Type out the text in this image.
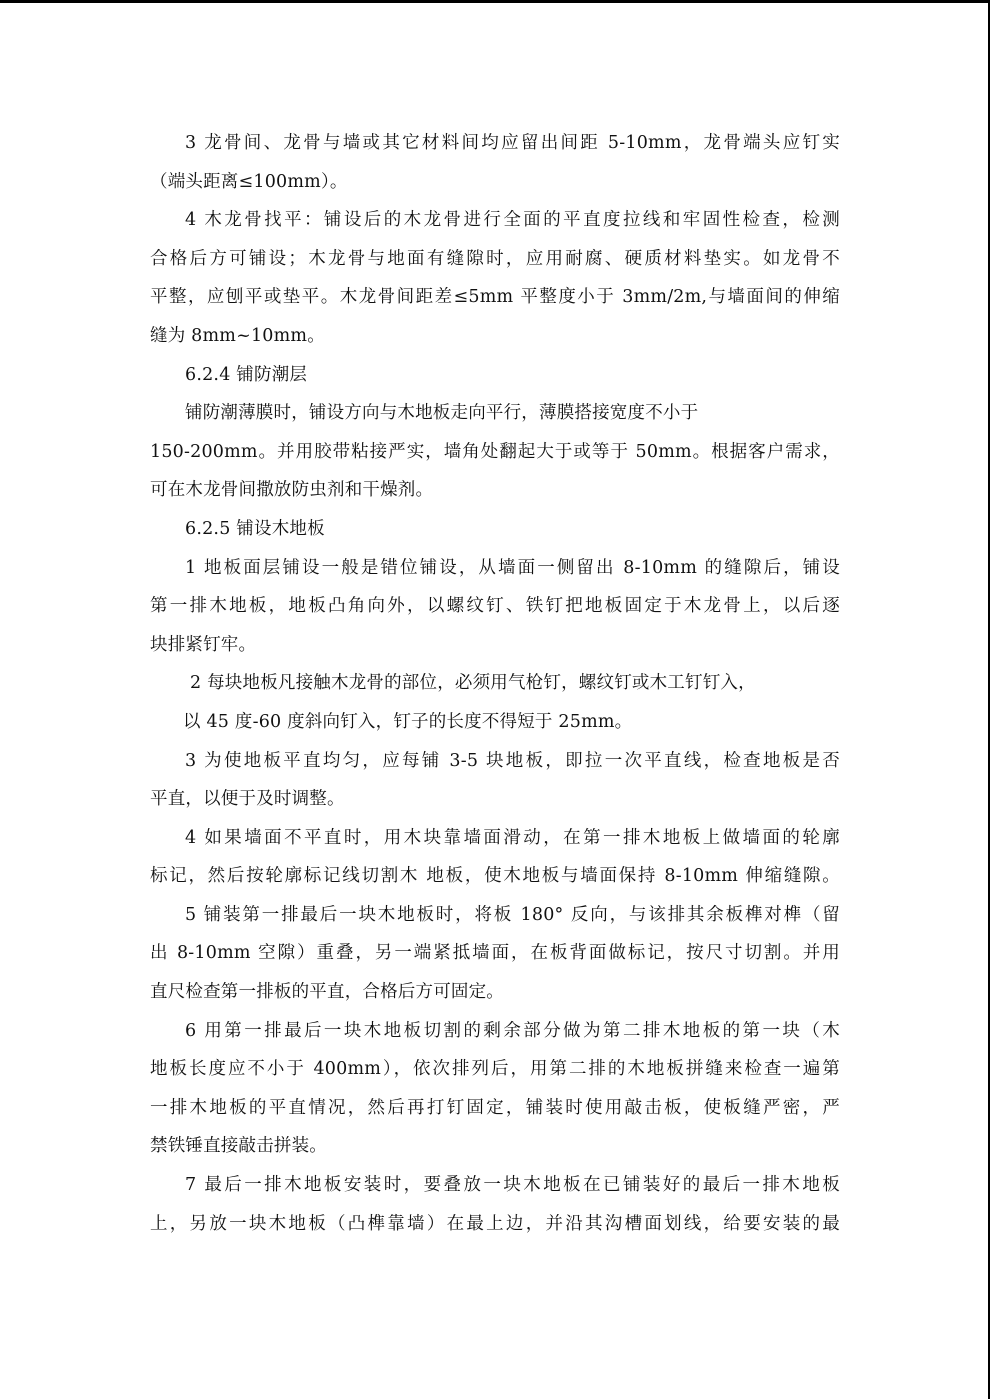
3 龙骨间、龙骨与墙或其它材料间均应留出间距 5-10mm，龙骨端头应钉实
（端头距离≤100mm）。
4 木龙骨找平：铺设后的木龙骨进行全面的平直度拉线和牢固性检查，检测
合格后方可铺设；木龙骨与地面有缝隙时，应用耐腐、硬质材料垫实。如龙骨不
平整，应刨平或垫平。木龙骨间距差≤5mm 平整度小于 3mm/2m,与墙面间的伸缩
缝为 8mm~10mm。
6.2.4 铺防潮层
铺防潮薄膜时，铺设方向与木地板走向平行，薄膜搭接宽度不小于
150-200mm。并用胶带粘接严实，墙角处翻起大于或等于 50mm。根据客户需求，
可在木龙骨间撒放防虫剂和干燥剂。
6.2.5 铺设木地板
1 地板面层铺设一般是错位铺设，从墙面一侧留出 8-10mm 的缝隙后，铺设
第一排木地板，地板凸角向外，以螺纹钉、铁钉把地板固定于木龙骨上，以后逐
块排紧钉牢。
2 每块地板凡接触木龙骨的部位，必须用气枪钉，螺纹钉或木工钉钉入，
以 45 度-60 度斜向钉入，钉子的长度不得短于 25mm。
3 为使地板平直均匀，应每铺 3-5 块地板，即拉一次平直线，检查地板是否
平直，以便于及时调整。
4 如果墙面不平直时，用木块靠墙面滑动，在第一排木地板上做墙面的轮廓
标记，然后按轮廓标记线切割木 地板，使木地板与墙面保持 8-10mm 伸缩缝隙。
5 铺装第一排最后一块木地板时，将板 180° 反向，与该排其余板榫对榫（留
出 8-10mm 空隙）重叠，另一端紧抵墙面，在板背面做标记，按尺寸切割。并用
直尺检查第一排板的平直，合格后方可固定。
6 用第一排最后一块木地板切割的剩余部分做为第二排木地板的第一块（木
地板长度应不小于 400mm），依次排列后，用第二排的木地板拼缝来检查一遍第
一排木地板的平直情况，然后再打钉固定，铺装时使用敲击板，使板缝严密，严
禁铁锤直接敲击拼装。
7 最后一排木地板安装时，要叠放一块木地板在已铺装好的最后一排木地板
上，另放一块木地板（凸榫靠墙）在最上边，并沿其沟槽面划线，给要安装的最
